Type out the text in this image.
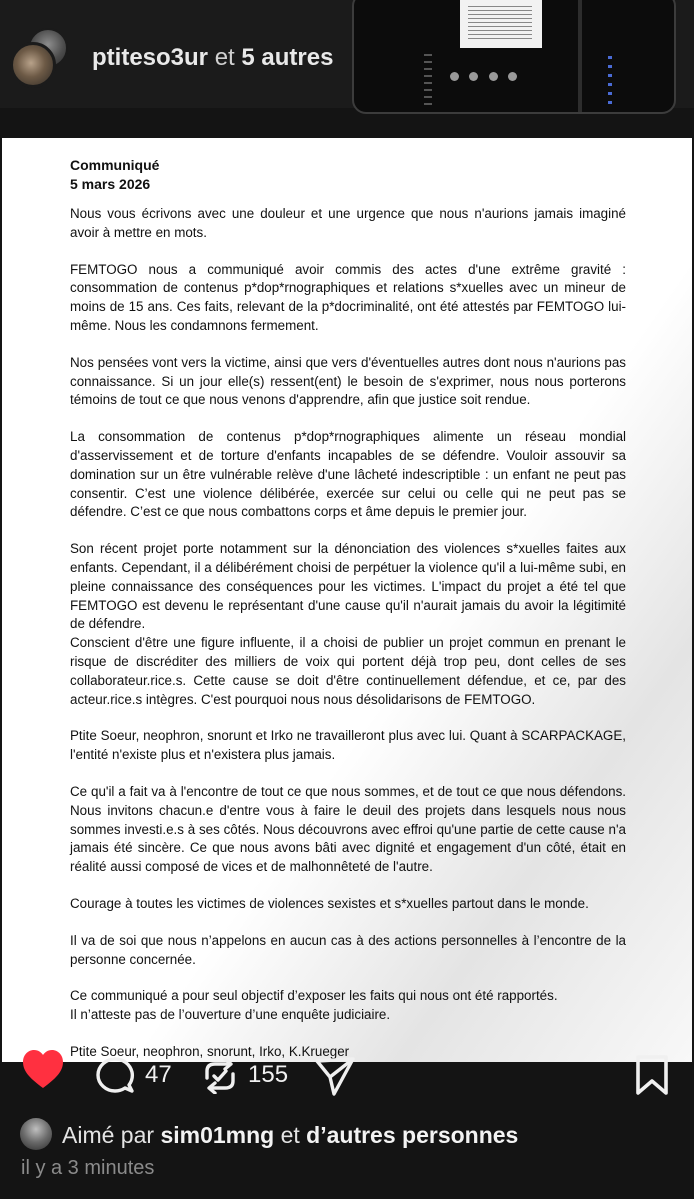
ptiteso3ur et 5 autres

Communiqué
5 mars 2026

Nous vous écrivons avec une douleur et une urgence que nous n'aurions jamais imaginé avoir à mettre en mots.

FEMTOGO nous a communiqué avoir commis des actes d'une extrême gravité : consommation de contenus p*dop*rnographiques et relations s*xuelles avec un mineur de moins de 15 ans. Ces faits, relevant de la p*docriminalité, ont été attestés par FEMTOGO lui-même. Nous les condamnons fermement.

Nos pensées vont vers la victime, ainsi que vers d'éventuelles autres dont nous n'aurions pas connaissance. Si un jour elle(s) ressent(ent) le besoin de s'exprimer, nous nous porterons témoins de tout ce que nous venons d'apprendre, afin que justice soit rendue.

La consommation de contenus p*dop*rnographiques alimente un réseau mondial d'asservissement et de torture d'enfants incapables de se défendre. Vouloir assouvir sa domination sur un être vulnérable relève d'une lâcheté indescriptible : un enfant ne peut pas consentir. C’est une violence délibérée, exercée sur celui ou celle qui ne peut pas se défendre. C’est ce que nous combattons corps et âme depuis le premier jour.

Son récent projet porte notamment sur la dénonciation des violences s*xuelles faites aux enfants. Cependant, il a délibérément choisi de perpétuer la violence qu'il a lui-même subi, en pleine connaissance des conséquences pour les victimes. L'impact du projet a été tel que FEMTOGO est devenu le représentant d'une cause qu'il n'aurait jamais du avoir la légitimité de défendre.

Conscient d'être une figure influente, il a choisi de publier un projet commun en prenant le risque de discréditer des milliers de voix qui portent déjà trop peu, dont celles de ses collaborateur.rice.s. Cette cause se doit d'être continuellement défendue, et ce, par des acteur.rice.s intègres. C'est pourquoi nous nous désolidarisons de FEMTOGO.

Ptite Soeur, neophron, snorunt et Irko ne travailleront plus avec lui. Quant à SCARPACKAGE, l'entité n'existe plus et n'existera plus jamais.

Ce qu'il a fait va à l'encontre de tout ce que nous sommes, et de tout ce que nous défendons. Nous invitons chacun.e d'entre vous à faire le deuil des projets dans lesquels nous nous sommes investi.e.s à ses côtés. Nous découvrons avec effroi qu'une partie de cette cause n'a jamais été sincère. Ce que nous avons bâti avec dignité et engagement d'un côté, était en réalité aussi composé de vices et de malhonnêteté de l'autre.

Courage à toutes les victimes de violences sexistes et s*xuelles partout dans le monde.

Il va de soi que nous n’appelons en aucun cas à des actions personnelles à l’encontre de la personne concernée.

Ce communiqué a pour seul objectif d’exposer les faits qui nous ont été rapportés.

Il n’atteste pas de l’ouverture d’une enquête judiciaire.

Ptite Soeur, neophron, snorunt, Irko, K.Krueger

47	155
Aimé par sim01mng et d’autres personnes
il y a 3 minutes
